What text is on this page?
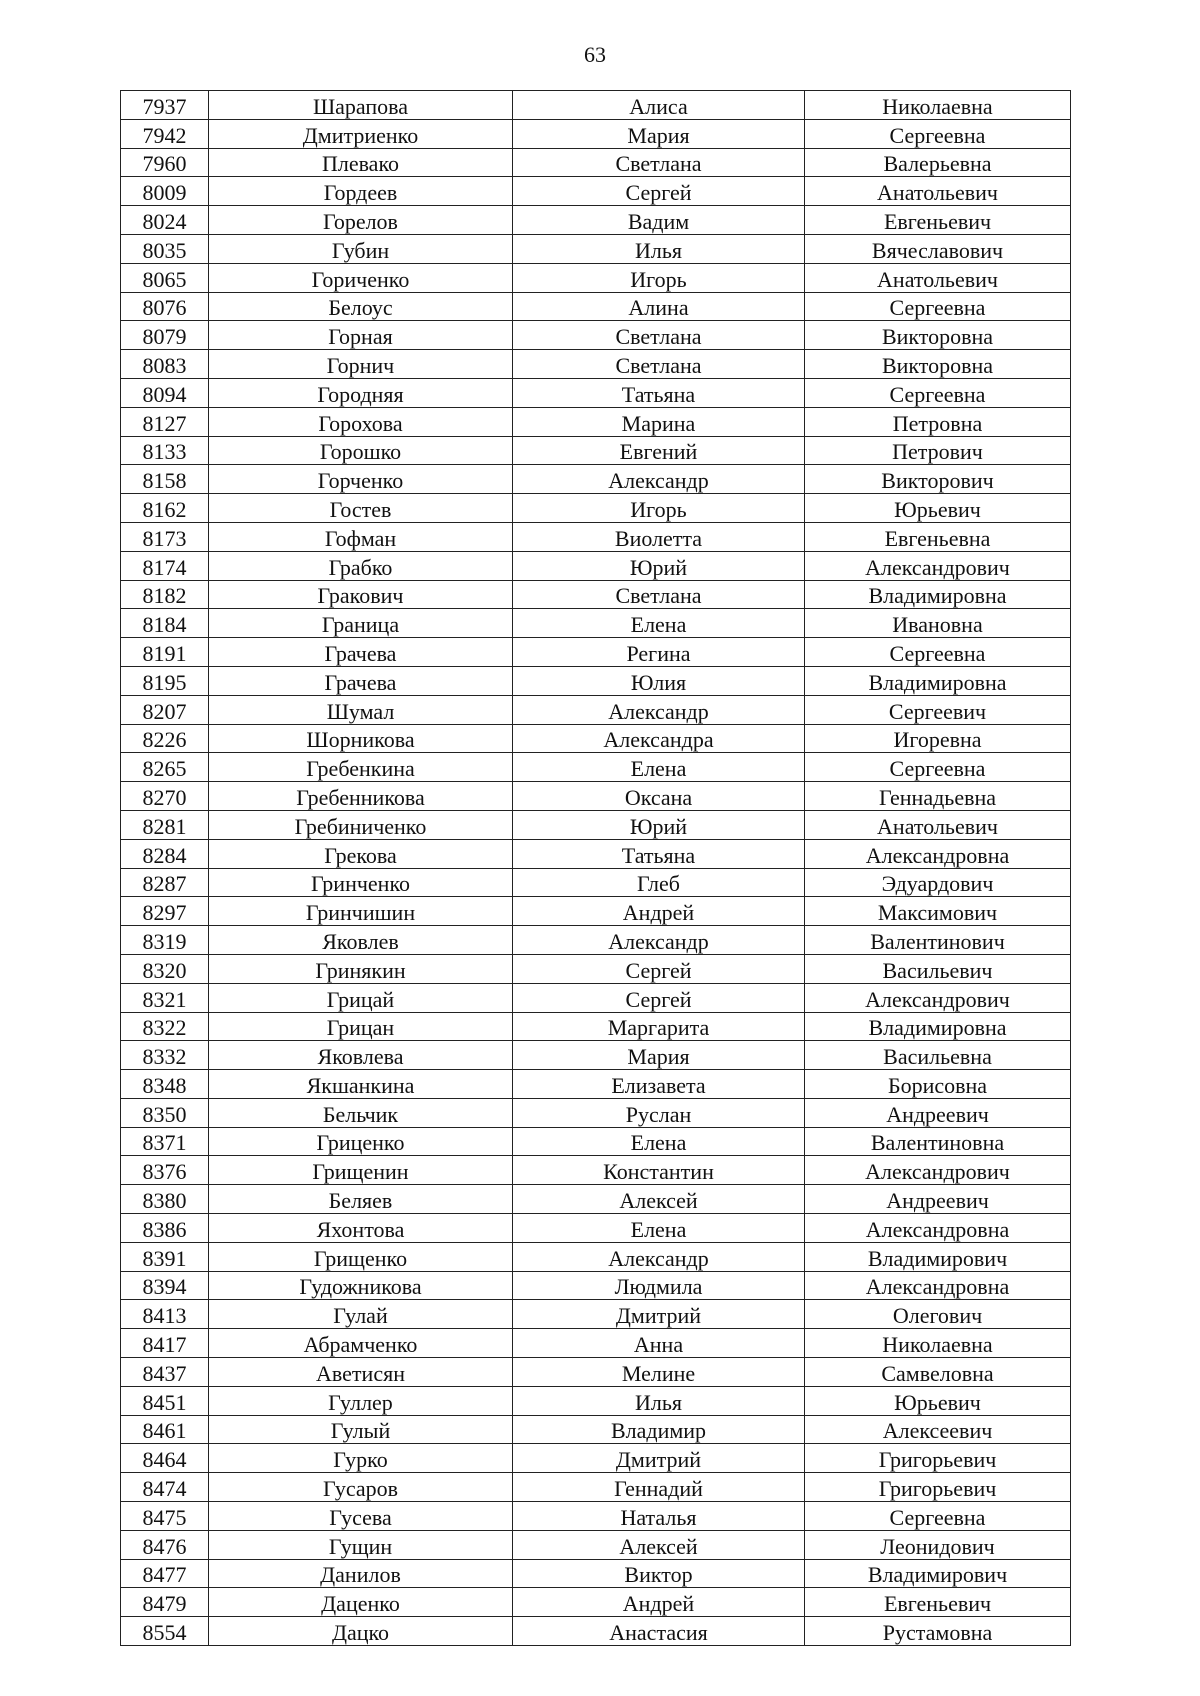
63
7937	Шарапова	Алиса	Николаевна
7942	Дмитриенко	Мария	Сергеевна
7960	Плевако	Светлана	Валерьевна
8009	Гордеев	Сергей	Анатольевич
8024	Горелов	Вадим	Евгеньевич
8035	Губин	Илья	Вячеславович
8065	Гориченко	Игорь	Анатольевич
8076	Белоус	Алина	Сергеевна
8079	Горная	Светлана	Викторовна
8083	Горнич	Светлана	Викторовна
8094	Городняя	Татьяна	Сергеевна
8127	Горохова	Марина	Петровна
8133	Горошко	Евгений	Петрович
8158	Горченко	Александр	Викторович
8162	Гостев	Игорь	Юрьевич
8173	Гофман	Виолетта	Евгеньевна
8174	Грабко	Юрий	Александрович
8182	Гракович	Светлана	Владимировна
8184	Граница	Елена	Ивановна
8191	Грачева	Регина	Сергеевна
8195	Грачева	Юлия	Владимировна
8207	Шумал	Александр	Сергеевич
8226	Шорникова	Александра	Игоревна
8265	Гребенкина	Елена	Сергеевна
8270	Гребенникова	Оксана	Геннадьевна
8281	Гребиниченко	Юрий	Анатольевич
8284	Грекова	Татьяна	Александровна
8287	Гринченко	Глеб	Эдуардович
8297	Гринчишин	Андрей	Максимович
8319	Яковлев	Александр	Валентинович
8320	Гринякин	Сергей	Васильевич
8321	Грицай	Сергей	Александрович
8322	Грицан	Маргарита	Владимировна
8332	Яковлева	Мария	Васильевна
8348	Якшанкина	Елизавета	Борисовна
8350	Бельчик	Руслан	Андреевич
8371	Гриценко	Елена	Валентиновна
8376	Грищенин	Константин	Александрович
8380	Беляев	Алексей	Андреевич
8386	Яхонтова	Елена	Александровна
8391	Грищенко	Александр	Владимирович
8394	Гудожникова	Людмила	Александровна
8413	Гулай	Дмитрий	Олегович
8417	Абрамченко	Анна	Николаевна
8437	Аветисян	Мелине	Самвеловна
8451	Гуллер	Илья	Юрьевич
8461	Гулый	Владимир	Алексеевич
8464	Гурко	Дмитрий	Григорьевич
8474	Гусаров	Геннадий	Григорьевич
8475	Гусева	Наталья	Сергеевна
8476	Гущин	Алексей	Леонидович
8477	Данилов	Виктор	Владимирович
8479	Даценко	Андрей	Евгеньевич
8554	Дацко	Анастасия	Рустамовна
